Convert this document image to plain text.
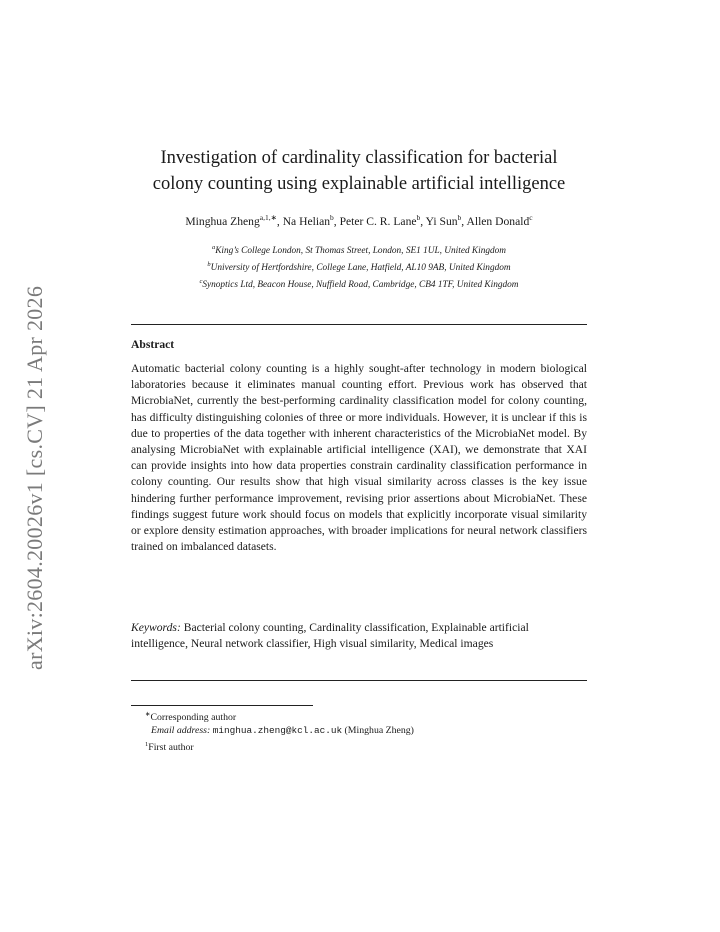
arXiv:2604.20026v1 [cs.CV] 21 Apr 2026
Investigation of cardinality classification for bacterial
colony counting using explainable artificial intelligence
Minghua Zheng$^{a,1,∗}$, Na Helian$^b$, Peter C. R. Lane$^b$, Yi Sun$^b$, Allen Donald$^c$
$^a$King’s College London, St Thomas Street, London, SE1 1UL, United Kingdom
$^b$University of Hertfordshire, College Lane, Hatfield, AL10 9AB, United Kingdom
$^c$Synoptics Ltd, Beacon House, Nuffield Road, Cambridge, CB4 1TF, United Kingdom
Abstract
Automatic bacterial colony counting is a highly sought-after technology in modern biological laboratories because it eliminates manual counting effort. Previous work has observed that MicrobiaNet, currently the best-performing cardinality classification model for colony counting, has difficulty distinguishing colonies of three or more individuals. However, it is unclear if this is due to properties of the data together with inherent characteristics of the MicrobiaNet model. By analysing MicrobiaNet with explainable artificial intelligence (XAI), we demonstrate that XAI can provide insights into how data properties constrain cardinality classification performance in colony counting. Our results show that high visual similarity across classes is the key issue hindering further performance improvement, revising prior assertions about MicrobiaNet. These findings suggest future work should focus on models that explicitly incorporate visual similarity or explore density estimation approaches, with broader implications for neural network classifiers trained on imbalanced datasets.
Keywords: Bacterial colony counting, Cardinality classification, Explainable artificial intelligence, Neural network classifier, High visual similarity, Medical images
∗Corresponding author
Email address: minghua.zheng@kcl.ac.uk (Minghua Zheng)
$^1$First author
